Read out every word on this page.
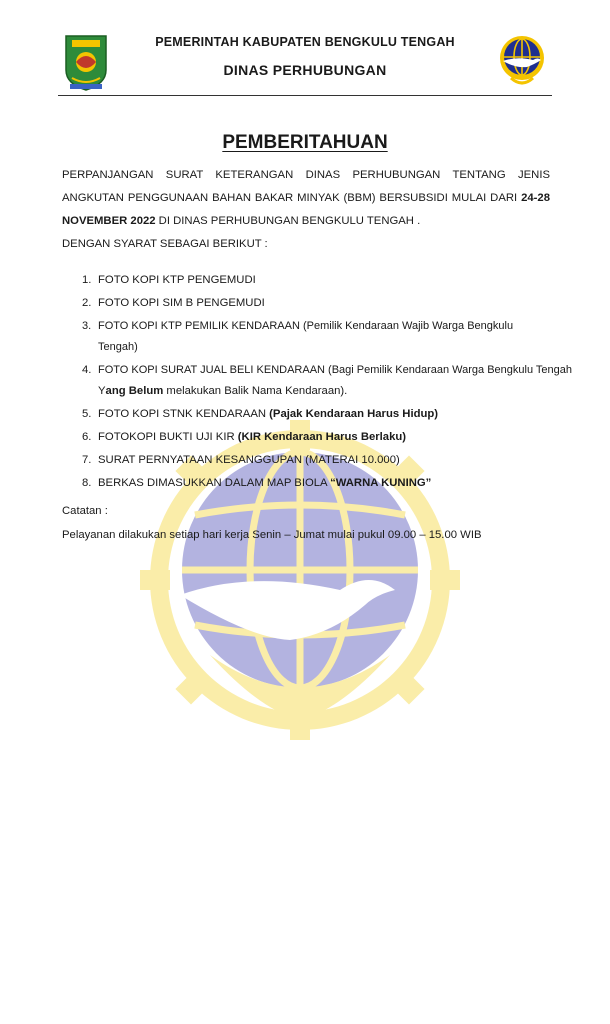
PEMERINTAH KABUPATEN BENGKULU TENGAH
DINAS PERHUBUNGAN
PEMBERITAHUAN

PERPANJANGAN SURAT KETERANGAN DINAS PERHUBUNGAN TENTANG JENIS ANGKUTAN PENGGUNAAN BAHAN BAKAR MINYAK (BBM) BERSUBSIDI MULAI DARI 24-28 NOVEMBER 2022 DI DINAS PERHUBUNGAN BENGKULU TENGAH .

DENGAN SYARAT SEBAGAI BERIKUT :
1. FOTO KOPI KTP PENGEMUDI
2. FOTO KOPI SIM B PENGEMUDI
3. FOTO KOPI KTP PEMILIK KENDARAAN (Pemilik Kendaraan Wajib Warga Bengkulu Tengah)
4. FOTO KOPI SURAT JUAL BELI KENDARAAN (Bagi Pemilik Kendaraan Warga Bengkulu Tengah
Yang Belum melakukan Balik Nama Kendaraan).
5. FOTO KOPI STNK KENDARAAN (Pajak Kendaraan Harus Hidup)
6. FOTOKOPI BUKTI UJI KIR (KIR Kendaraan Harus Berlaku)
7. SURAT PERNYATAAN KESANGGUPAN (MATERAI 10.000)
8. BERKAS DIMASUKKAN DALAM MAP BIOLA “WARNA KUNING”
Catatan :
Pelayanan dilakukan setiap hari kerja Senin – Jumat mulai pukul 09.00 – 15.00 WIB
